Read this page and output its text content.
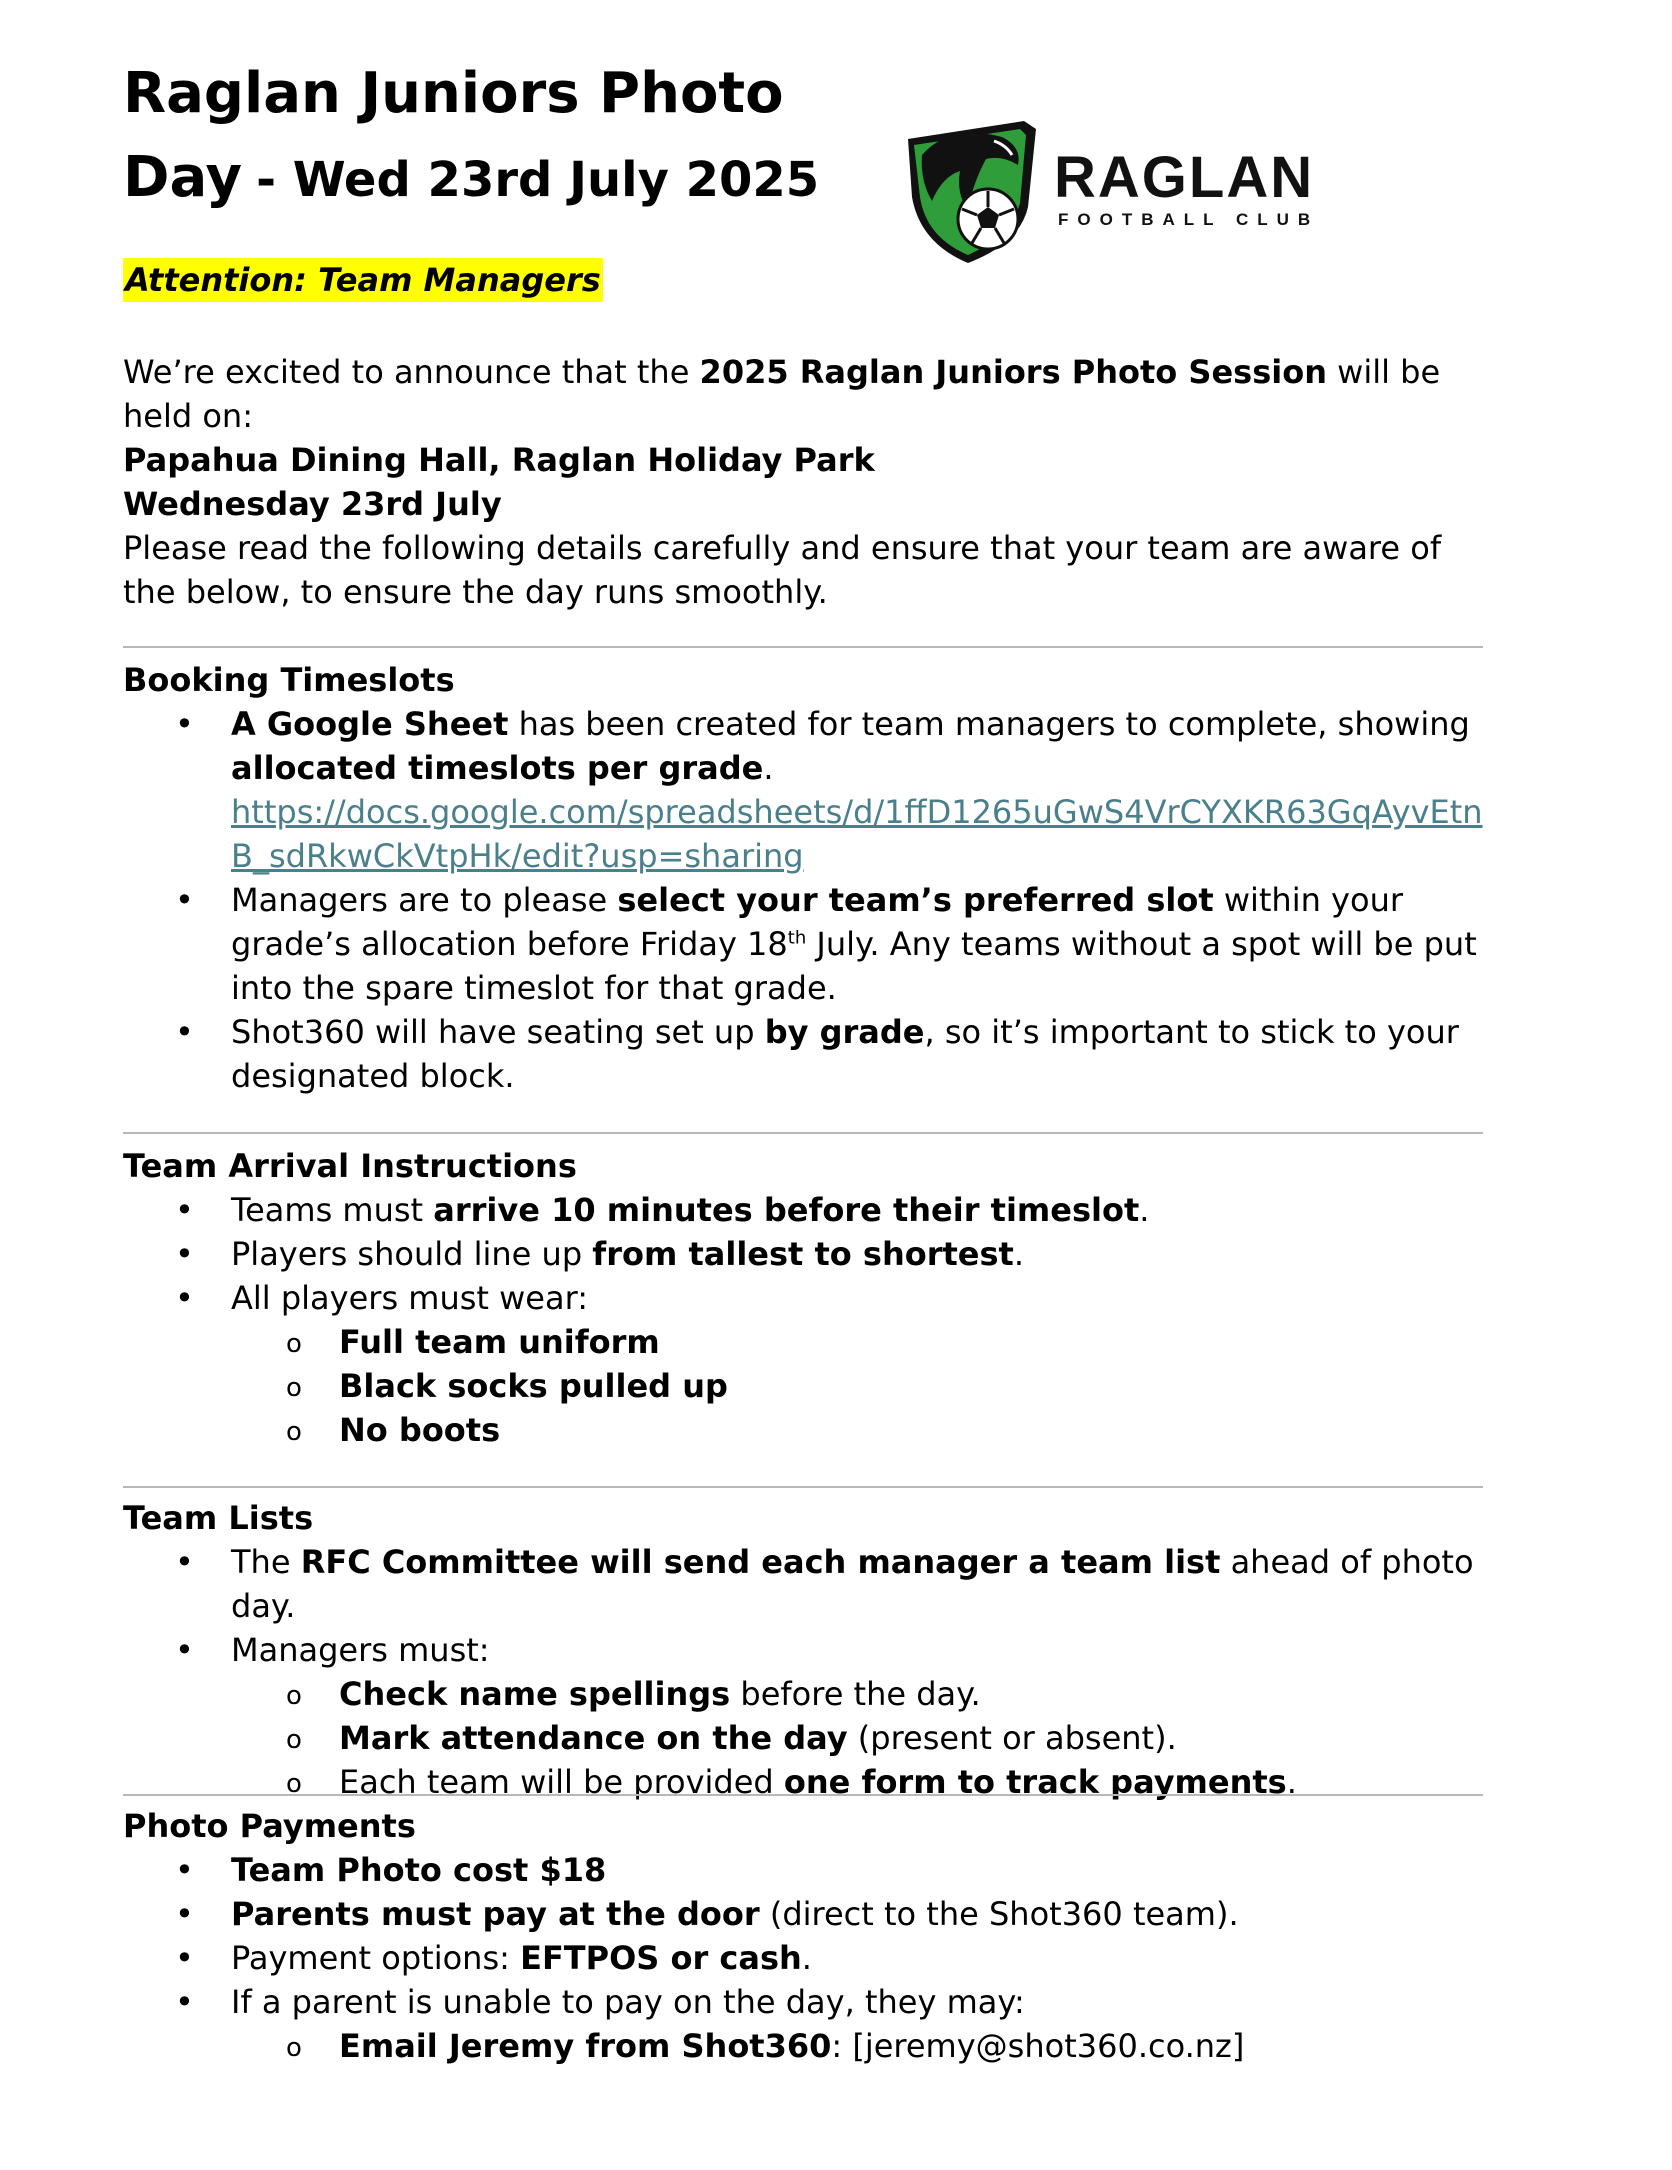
Raglan Juniors Photo
Day - Wed 23rd July 2025	RAGLAN
FOOTBALL CLUB
Attention: Team Managers

We’re excited to announce that the 2025 Raglan Juniors Photo Session will be held on:

Papahua Dining Hall, Raglan Holiday Park

Wednesday 23rd July

Please read the following details carefully and ensure that your team are aware of the below, to ensure the day runs smoothly.

Booking Timeslots

• A Google Sheet has been created for team managers to complete, showing allocated timeslots per grade.
https://docs.google.com/spreadsheets/d/1ffD1265uGwS4VrCYXKR63GqAyvEtn
B_sdRkwCkVtpHk/edit?usp=sharing
• Managers are to please select your team’s preferred slot within your grade’s allocation before Friday 18th July. Any teams without a spot will be put into the spare timeslot for that grade.
• Shot360 will have seating set up by grade, so it’s important to stick to your designated block.

Team Arrival Instructions

• Teams must arrive 10 minutes before their timeslot.
• Players should line up from tallest to shortest.
• All players must wear:
o Full team uniform
o Black socks pulled up
o No boots

Team Lists

• The RFC Committee will send each manager a team list ahead of photo day.
• Managers must:
o Check name spellings before the day.
o Mark attendance on the day (present or absent).
o Each team will be provided one form to track payments.

Photo Payments

• Team Photo cost $18
• Parents must pay at the door (direct to the Shot360 team).
• Payment options: EFTPOS or cash.
• If a parent is unable to pay on the day, they may:
o Email Jeremy from Shot360: [jeremy@shot360.co.nz]
